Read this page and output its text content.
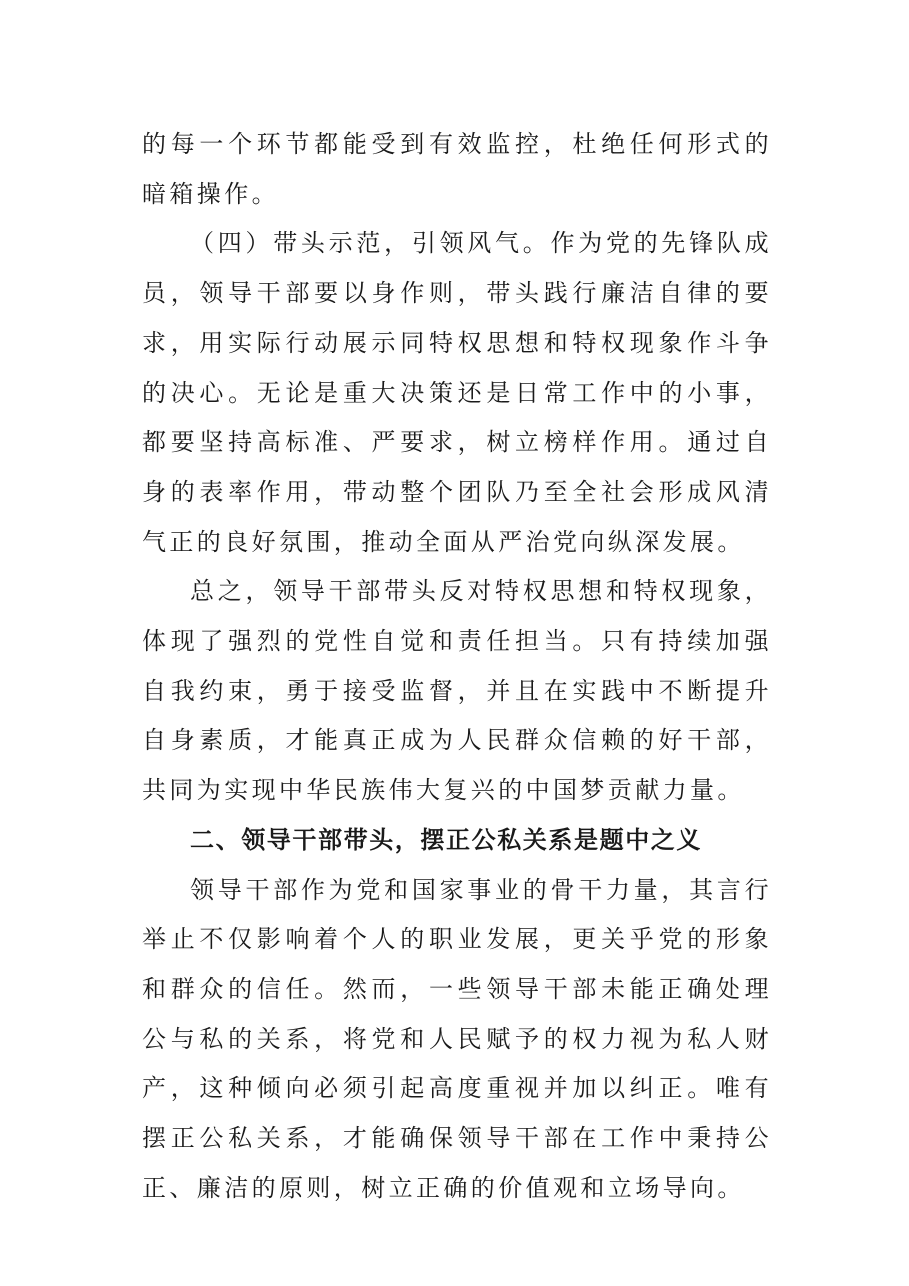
的每一个环节都能受到有效监控，杜绝任何形式的暗箱操作。

（四）带头示范，引领风气。作为党的先锋队成员，领导干部要以身作则，带头践行廉洁自律的要求，用实际行动展示同特权思想和特权现象作斗争的决心。无论是重大决策还是日常工作中的小事，都要坚持高标准、严要求，树立榜样作用。通过自身的表率作用，带动整个团队乃至全社会形成风清气正的良好氛围，推动全面从严治党向纵深发展。

总之，领导干部带头反对特权思想和特权现象，体现了强烈的党性自觉和责任担当。只有持续加强自我约束，勇于接受监督，并且在实践中不断提升自身素质，才能真正成为人民群众信赖的好干部，共同为实现中华民族伟大复兴的中国梦贡献力量。

二、领导干部带头，摆正公私关系是题中之义

领导干部作为党和国家事业的骨干力量，其言行举止不仅影响着个人的职业发展，更关乎党的形象和群众的信任。然而，一些领导干部未能正确处理公与私的关系，将党和人民赋予的权力视为私人财产，这种倾向必须引起高度重视并加以纠正。唯有摆正公私关系，才能确保领导干部在工作中秉持公正、廉洁的原则，树立正确的价值观和立场导向。
